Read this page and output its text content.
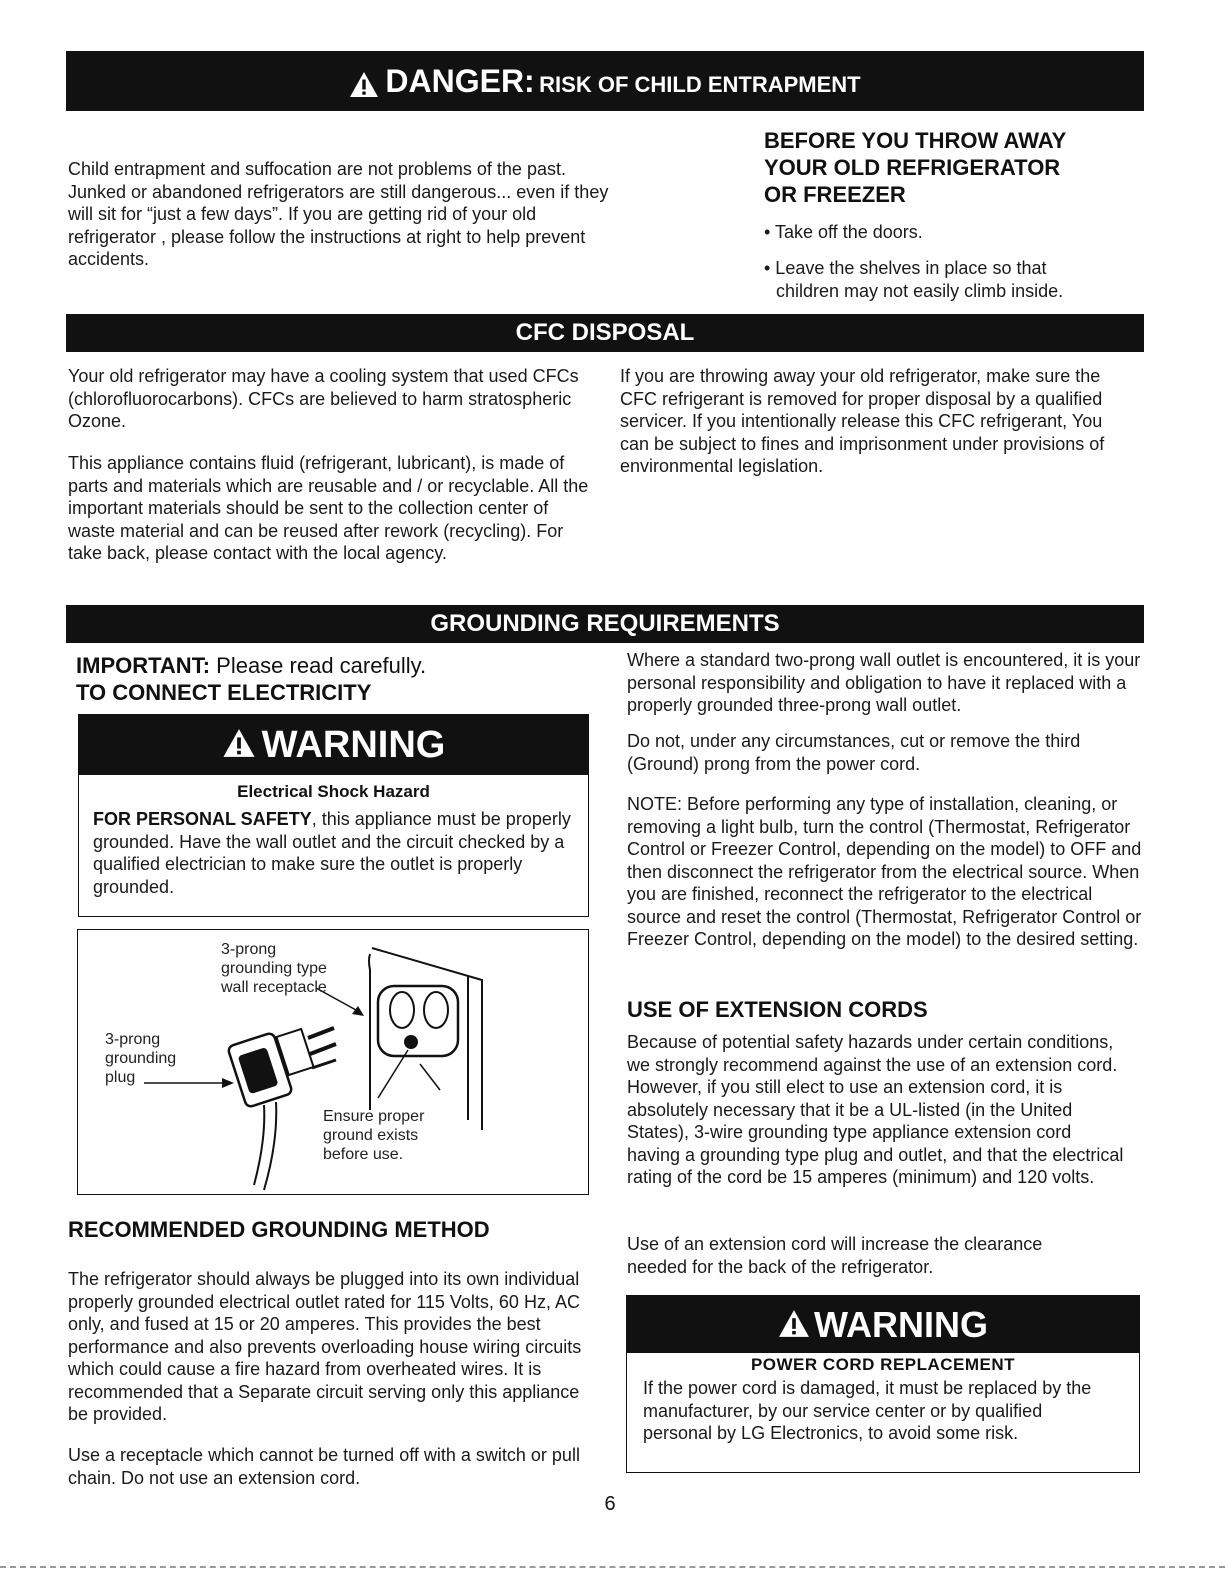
DANGER: RISK OF CHILD ENTRAPMENT
Child entrapment and suffocation are not problems of the past. Junked or abandoned refrigerators are still dangerous... even if they will sit for “just a few days”. If you are getting rid of your old refrigerator , please follow the instructions at right to help prevent accidents.
BEFORE YOU THROW AWAY
YOUR OLD REFRIGERATOR
OR FREEZER
• Take off the doors.
• Leave the shelves in place so that
children may not easily climb inside.
CFC DISPOSAL
Your old refrigerator may have a cooling system that used CFCs (chlorofluorocarbons). CFCs are believed to harm stratospheric Ozone.
This appliance contains fluid (refrigerant, lubricant), is made of parts and materials which are reusable and / or recyclable. All the important materials should be sent to the collection center of waste material and can be reused after rework (recycling). For take back, please contact with the local agency.
If you are throwing away your old refrigerator, make sure the CFC refrigerant is removed for proper disposal by a qualified servicer. If you intentionally release this CFC refrigerant, You can be subject to fines and imprisonment under provisions of environmental legislation.
GROUNDING REQUIREMENTS
IMPORTANT: Please read carefully.
TO CONNECT ELECTRICITY
WARNING
Electrical Shock Hazard
FOR PERSONAL SAFETY, this appliance must be properly grounded. Have the wall outlet and the circuit checked by a qualified electrician to make sure the outlet is properly grounded.
3-prong
grounding type
wall receptacle
3-prong
grounding
plug
Ensure proper
ground exists
before use.
RECOMMENDED GROUNDING METHOD
The refrigerator should always be plugged into its own individual properly grounded electrical outlet rated for 115 Volts, 60 Hz, AC only, and fused at 15 or 20 amperes. This provides the best performance and also prevents overloading house wiring circuits which could cause a fire hazard from overheated wires. It is recommended that a Separate circuit serving only this appliance be provided.
Use a receptacle which cannot be turned off with a switch or pull chain. Do not use an extension cord.
Where a standard two-prong wall outlet is encountered, it is your personal responsibility and obligation to have it replaced with a properly grounded three-prong wall outlet.
Do not, under any circumstances, cut or remove the third (Ground) prong from the power cord.
NOTE: Before performing any type of installation, cleaning, or removing a light bulb, turn the control (Thermostat, Refrigerator Control or Freezer Control, depending on the model) to OFF and then disconnect the refrigerator from the electrical source. When you are finished, reconnect the refrigerator to the electrical source and reset the control (Thermostat, Refrigerator Control or Freezer Control, depending on the model) to the desired setting.
USE OF EXTENSION CORDS
Because of potential safety hazards under certain conditions, we strongly recommend against the use of an extension cord. However, if you still elect to use an extension cord, it is absolutely necessary that it be a UL-listed (in the United States), 3-wire grounding type appliance extension cord having a grounding type plug and outlet, and that the electrical rating of the cord be 15 amperes (minimum) and 120 volts.
Use of an extension cord will increase the clearance needed for the back of the refrigerator.
WARNING
POWER CORD REPLACEMENT
If the power cord is damaged, it must be replaced by the manufacturer, by our service center or by qualified personal by LG Electronics, to avoid some risk.
6
